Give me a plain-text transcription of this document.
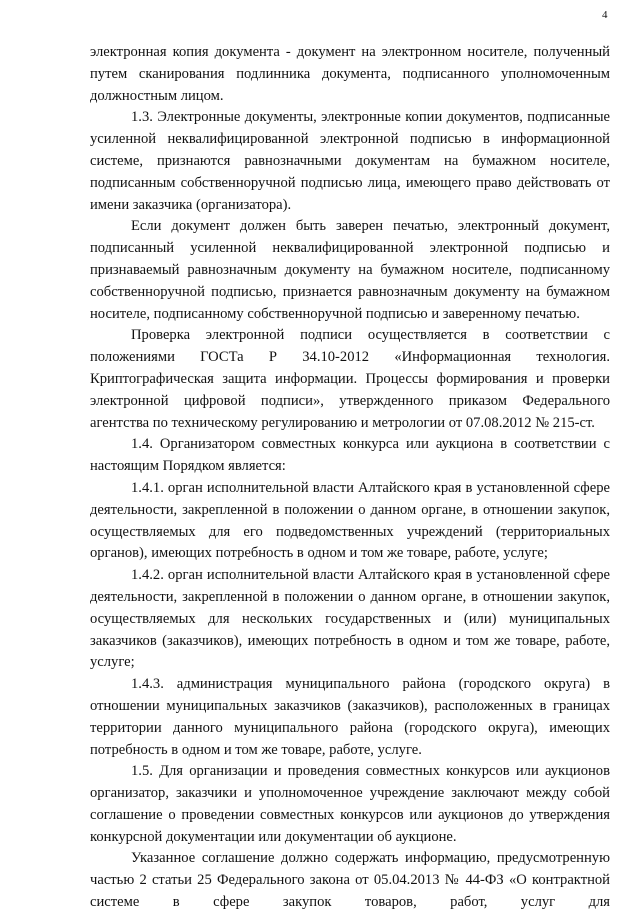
4

электронная копия документа - документ на электронном носителе, полученный путем сканирования подлинника документа, подписанного уполномоченным должностным лицом.

1.3. Электронные документы, электронные копии документов, подписанные усиленной неквалифицированной электронной подписью в информационной системе, признаются равнозначными документам на бумажном носителе, подписанным собственноручной подписью лица, имеющего право действовать от имени заказчика (организатора).

Если документ должен быть заверен печатью, электронный документ, подписанный усиленной неквалифицированной электронной подписью и признаваемый равнозначным документу на бумажном носителе, подписанному собственноручной подписью, признается равнозначным документу на бумажном носителе, подписанному собственноручной подписью и заверенному печатью.

Проверка электронной подписи осуществляется в соответствии с положениями ГОСТа Р 34.10-2012 «Информационная технология. Криптографическая защита информации. Процессы формирования и проверки электронной цифровой подписи», утвержденного приказом Федерального агентства по техническому регулированию и метрологии от 07.08.2012 № 215-ст.

1.4. Организатором совместных конкурса или аукциона в соответствии с настоящим Порядком является:

1.4.1. орган исполнительной власти Алтайского края в установленной сфере деятельности, закрепленной в положении о данном органе, в отношении закупок, осуществляемых для его подведомственных учреждений (территориальных органов), имеющих потребность в одном и том же товаре, работе, услуге;

1.4.2. орган исполнительной власти Алтайского края в установленной сфере деятельности, закрепленной в положении о данном органе, в отношении закупок, осуществляемых для нескольких государственных и (или) муниципальных заказчиков (заказчиков), имеющих потребность в одном и том же товаре, работе, услуге;

1.4.3. администрация муниципального района (городского округа) в отношении муниципальных заказчиков (заказчиков), расположенных в границах территории данного муниципального района (городского округа), имеющих потребность в одном и том же товаре, работе, услуге.

1.5. Для организации и проведения совместных конкурсов или аукционов организатор, заказчики и уполномоченное учреждение заключают между собой соглашение о проведении совместных конкурсов или аукционов до утверждения конкурсной документации или документации об аукционе.

Указанное соглашение должно содержать информацию, предусмотренную частью 2 статьи 25 Федерального закона от 05.04.2013 № 44-ФЗ «О контрактной системе в сфере закупок товаров, работ, услуг для
